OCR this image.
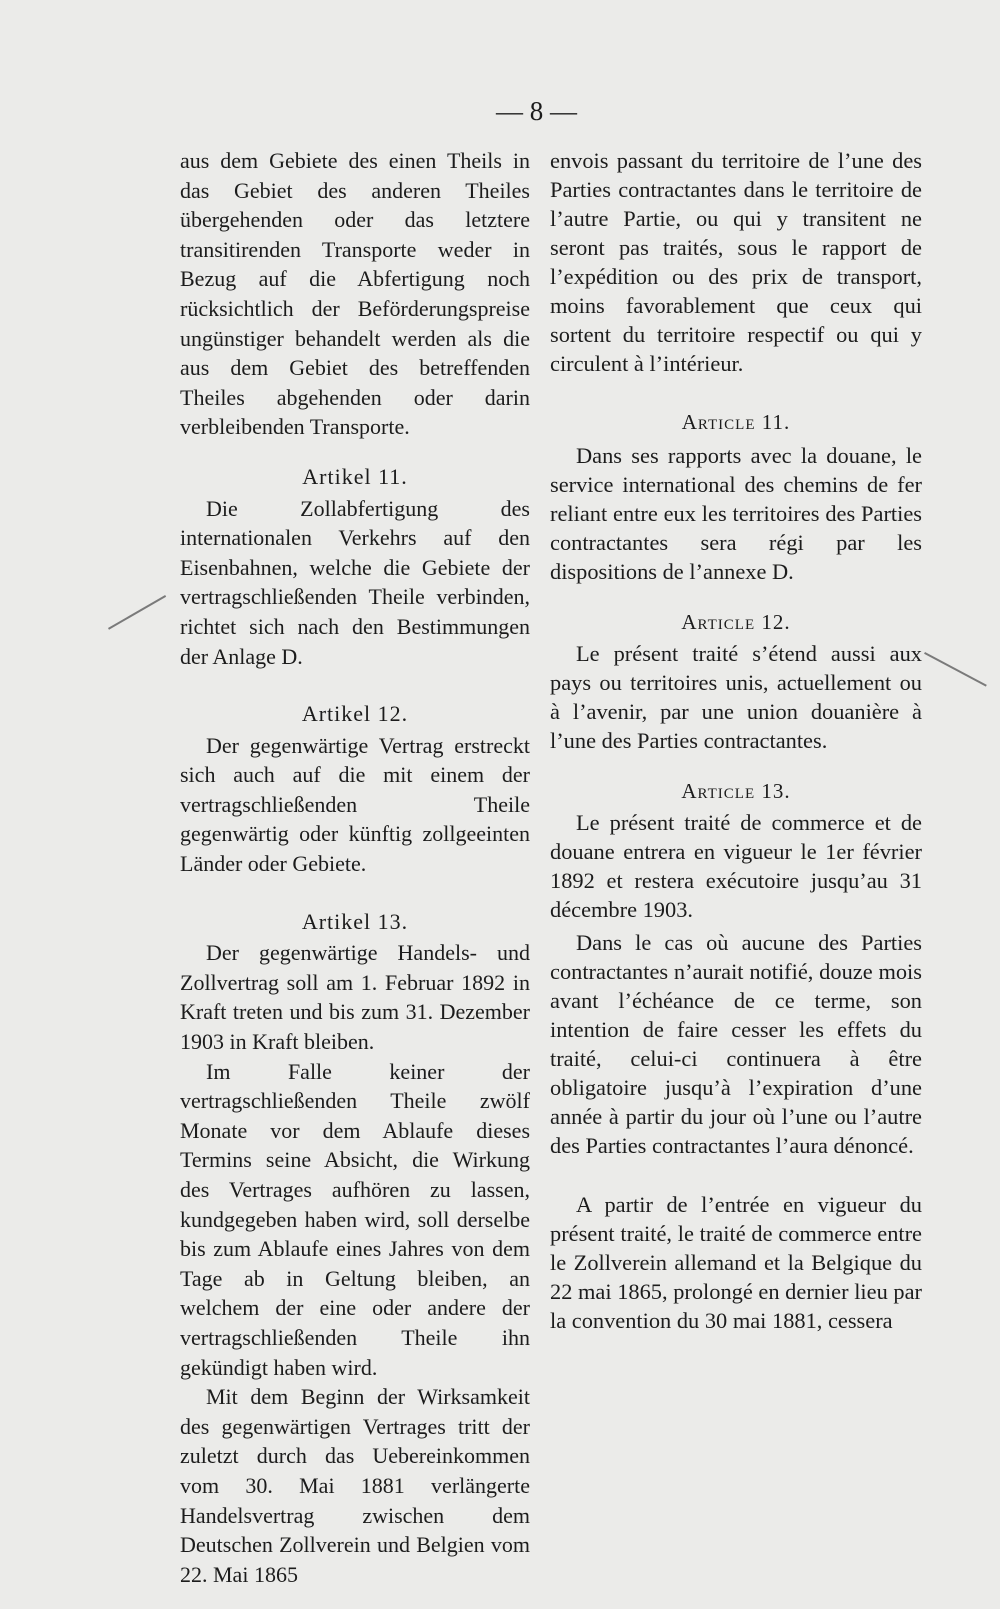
— 8 —

aus dem Gebiete des einen Theils in das Gebiet des anderen Theiles übergehenden oder das letztere transitirenden Transporte weder in Bezug auf die Abfertigung noch rücksichtlich der Beförderungspreise ungünstiger behandelt werden als die aus dem Gebiet des betreffenden Theiles abgehenden oder darin verbleibenden Transporte.

Artikel 11.

Die Zollabfertigung des internationalen Verkehrs auf den Eisenbahnen, welche die Gebiete der vertragschließenden Theile verbinden, richtet sich nach den Bestimmungen der Anlage D.

Artikel 12.

Der gegenwärtige Vertrag erstreckt sich auch auf die mit einem der vertragschließenden Theile gegenwärtig oder künftig zollgeeinten Länder oder Gebiete.

Artikel 13.

Der gegenwärtige Handels- und Zollvertrag soll am 1. Februar 1892 in Kraft treten und bis zum 31. Dezember 1903 in Kraft bleiben.

Im Falle keiner der vertragschließenden Theile zwölf Monate vor dem Ablaufe dieses Termins seine Absicht, die Wirkung des Vertrages aufhören zu lassen, kundgegeben haben wird, soll derselbe bis zum Ablaufe eines Jahres von dem Tage ab in Geltung bleiben, an welchem der eine oder andere der vertragschließenden Theile ihn gekündigt haben wird.

Mit dem Beginn der Wirksamkeit des gegenwärtigen Vertrages tritt der zuletzt durch das Uebereinkommen vom 30. Mai 1881 verlängerte Handelsvertrag zwischen dem Deutschen Zollverein und Belgien vom 22. Mai 1865

envois passant du territoire de l’une des Parties contractantes dans le territoire de l’autre Partie, ou qui y transitent ne seront pas traités, sous le rapport de l’expédition ou des prix de transport, moins favorablement que ceux qui sortent du territoire respectif ou qui y circulent à l’intérieur.

Article 11.

Dans ses rapports avec la douane, le service international des chemins de fer reliant entre eux les territoires des Parties contractantes sera régi par les dispositions de l’annexe D.

Article 12.

Le présent traité s’étend aussi aux pays ou territoires unis, actuellement ou à l’avenir, par une union douanière à l’une des Parties contractantes.

Article 13.

Le présent traité de commerce et de douane entrera en vigueur le 1er février 1892 et restera exécutoire jusqu’au 31 décembre 1903.

Dans le cas où aucune des Parties contractantes n’aurait notifié, douze mois avant l’échéance de ce terme, son intention de faire cesser les effets du traité, celui-ci continuera à être obligatoire jusqu’à l’expiration d’une année à partir du jour où l’une ou l’autre des Parties contractantes l’aura dénoncé.

A partir de l’entrée en vigueur du présent traité, le traité de commerce entre le Zollverein allemand et la Belgique du 22 mai 1865, prolongé en dernier lieu par la convention du 30 mai 1881, cessera
